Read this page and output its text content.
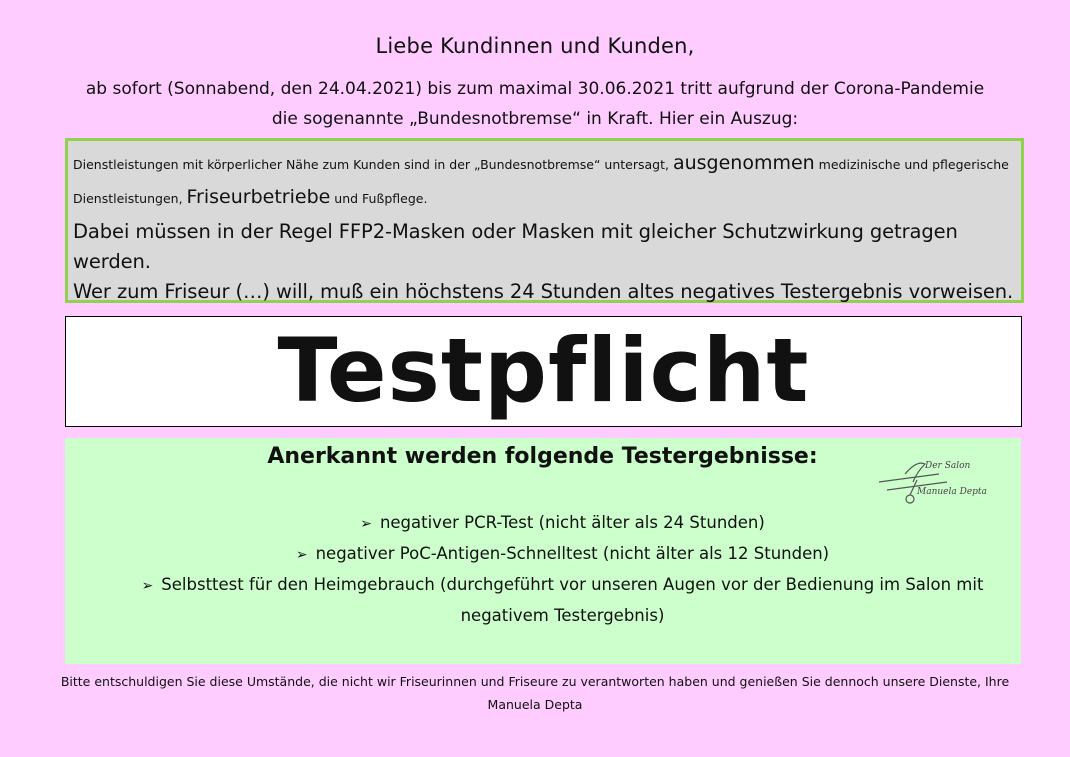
Liebe Kundinnen und Kunden,
ab sofort (Sonnabend, den 24.04.2021) bis zum maximal 30.06.2021 tritt aufgrund der Corona-Pandemie die sogenannte „Bundesnotbremse“ in Kraft. Hier ein Auszug:
Dienstleistungen mit körperlicher Nähe zum Kunden sind in der „Bundesnotbremse“ untersagt, ausgenommen medizinische und pflegerische Dienstleistungen, Friseurbetriebe und Fußpflege.
Dabei müssen in der Regel FFP2-Masken oder Masken mit gleicher Schutzwirkung getragen werden.
Wer zum Friseur (…) will, muß ein höchstens 24 Stunden altes negatives Testergebnis vorweisen.
Testpflicht
Anerkannt werden folgende Testergebnisse:	Der Salon
Manuela Depta
➢ negativer PCR-Test (nicht älter als 24 Stunden)
➢ negativer PoC-Antigen-Schnelltest (nicht älter als 12 Stunden)
➢ Selbsttest für den Heimgebrauch (durchgeführt vor unseren Augen vor der Bedienung im Salon mit negativem Testergebnis)
Bitte entschuldigen Sie diese Umstände, die nicht wir Friseurinnen und Friseure zu verantworten haben und genießen Sie dennoch unsere Dienste, Ihre
Manuela Depta
